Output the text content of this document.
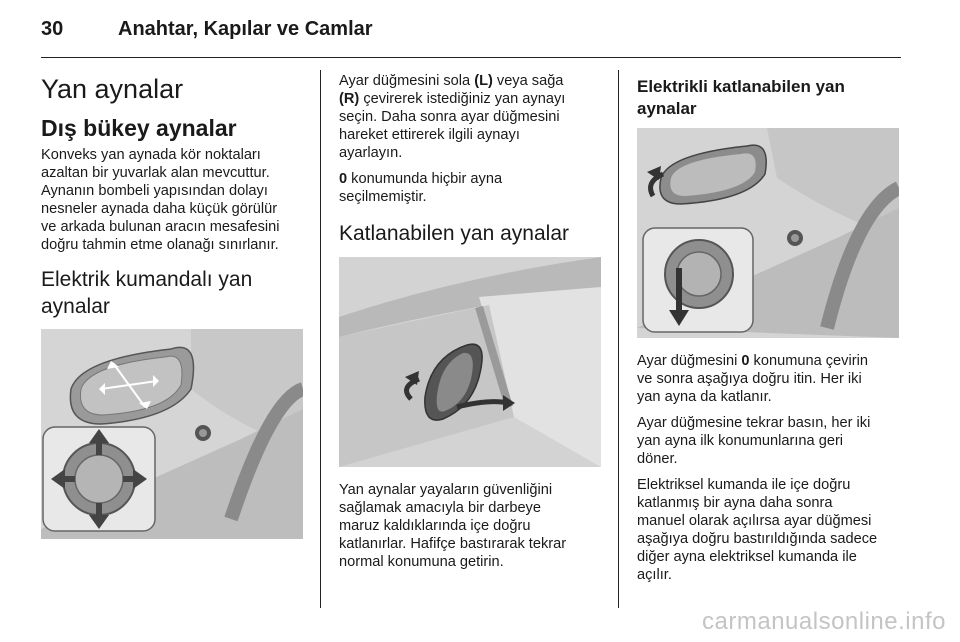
30	Anahtar, Kapılar ve Camlar
Yan aynalar
Dış bükey aynalar
Konveks yan aynada kör noktaları
azaltan bir yuvarlak alan mevcuttur.
Aynanın bombeli yapısından dolayı
nesneler aynada daha küçük görülür
ve arkada bulunan aracın mesafesini
doğru tahmin etme olanağı sınırlanır.
Elektrik kumandalı yan
aynalar
Ayar düğmesini sola (L) veya sağa
(R) çevirerek istediğiniz yan aynayı
seçin. Daha sonra ayar düğmesini
hareket ettirerek ilgili aynayı
ayarlayın.
0 konumunda hiçbir ayna
seçilmemiştir.
Katlanabilen yan aynalar
Yan aynalar yayaların güvenliğini
sağlamak amacıyla bir darbeye
maruz kaldıklarında içe doğru
katlanırlar. Hafifçe bastırarak tekrar
normal konumuna getirin.
Elektrikli katlanabilen yan
aynalar
Ayar düğmesini 0 konumuna çevirin
ve sonra aşağıya doğru itin. Her iki
yan ayna da katlanır.
Ayar düğmesine tekrar basın, her iki
yan ayna ilk konumunlarına geri
döner.
Elektriksel kumanda ile içe doğru
katlanmış bir ayna daha sonra
manuel olarak açılırsa ayar düğmesi
aşağıya doğru bastırıldığında sadece
diğer ayna elektriksel kumanda ile
açılır.
carmanualsonline.info
